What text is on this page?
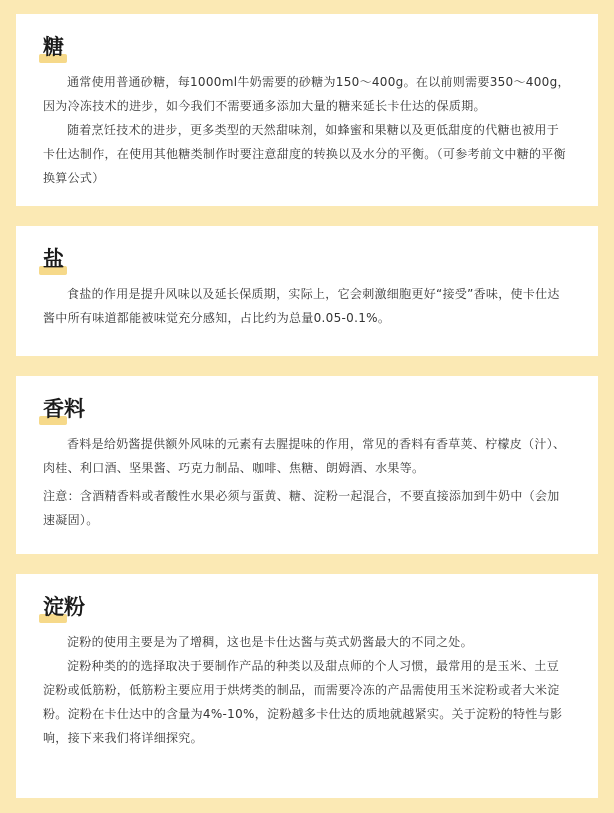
糖

通常使用普通砂糖，每1000ml牛奶需要的砂糖为150～400g。在以前则需要350～400g，因为冷冻技术的进步，如今我们不需要通多添加大量的糖来延长卡仕达的保质期。

随着烹饪技术的进步，更多类型的天然甜味剂，如蜂蜜和果糖以及更低甜度的代糖也被用于卡仕达制作，在使用其他糖类制作时要注意甜度的转换以及水分的平衡。（可参考前文中糖的平衡换算公式）

盐

食盐的作用是提升风味以及延长保质期，实际上，它会刺激细胞更好“接受”香味，使卡仕达酱中所有味道都能被味觉充分感知，占比约为总量0.05-0.1%。

香料

香料是给奶酱提供额外风味的元素有去腥提味的作用，常见的香料有香草荚、柠檬皮（汁）、肉桂、利口酒、坚果酱、巧克力制品、咖啡、焦糖、朗姆酒、水果等。

注意：含酒精香料或者酸性水果必须与蛋黄、糖、淀粉一起混合，不要直接添加到牛奶中（会加速凝固）。

淀粉

淀粉的使用主要是为了增稠，这也是卡仕达酱与英式奶酱最大的不同之处。

淀粉种类的的选择取决于要制作产品的种类以及甜点师的个人习惯，最常用的是玉米、土豆淀粉或低筋粉，低筋粉主要应用于烘烤类的制品，而需要冷冻的产品需使用玉米淀粉或者大米淀粉。淀粉在卡仕达中的含量为4%-10%，淀粉越多卡仕达的质地就越紧实。关于淀粉的特性与影响，接下来我们将详细探究。
